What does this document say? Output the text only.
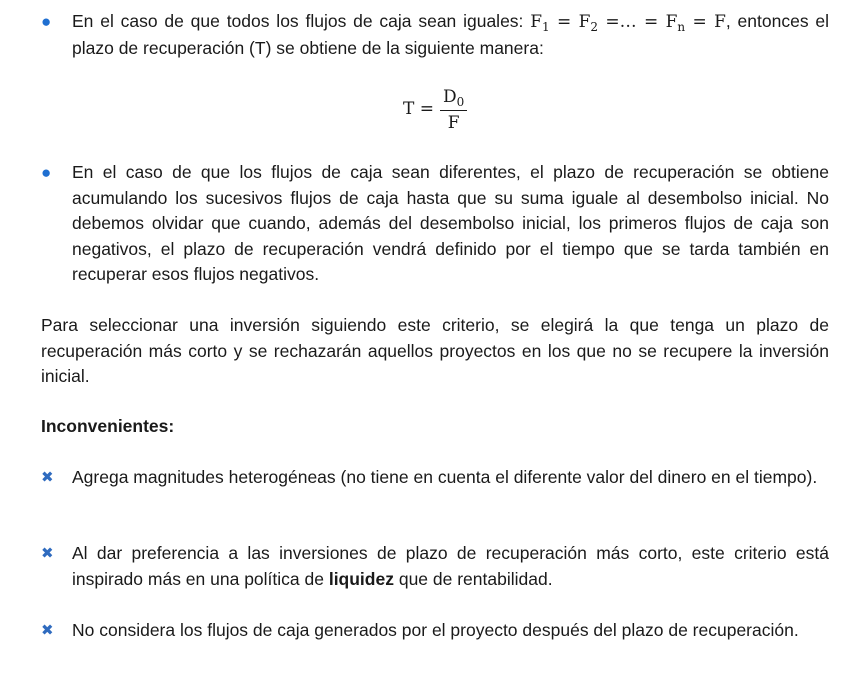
●	En el caso de que todos los flujos de caja sean iguales: $F_1 = F_2$ =… = $F_n = F$, entonces el plazo de recuperación (T) se obtiene de la siguiente manera:
$T = \frac{D_0}{F}$
●	En el caso de que los flujos de caja sean diferentes, el plazo de recuperación se obtiene acumulando los sucesivos flujos de caja hasta que su suma iguale al desembolso inicial. No debemos olvidar que cuando, además del desembolso inicial, los primeros flujos de caja son negativos, el plazo de recuperación vendrá definido por el tiempo que se tarda también en recuperar esos flujos negativos.
Para seleccionar una inversión siguiendo este criterio, se elegirá la que tenga un plazo de recuperación más corto y se rechazarán aquellos proyectos en los que no se recupere la inversión inicial.
Inconvenientes:
✖	Agrega magnitudes heterogéneas (no tiene en cuenta el diferente valor del dinero en el tiempo).
✖	Al dar preferencia a las inversiones de plazo de recuperación más corto, este criterio está inspirado más en una política de liquidez que de rentabilidad.
✖	No considera los flujos de caja generados por el proyecto después del plazo de recuperación.
